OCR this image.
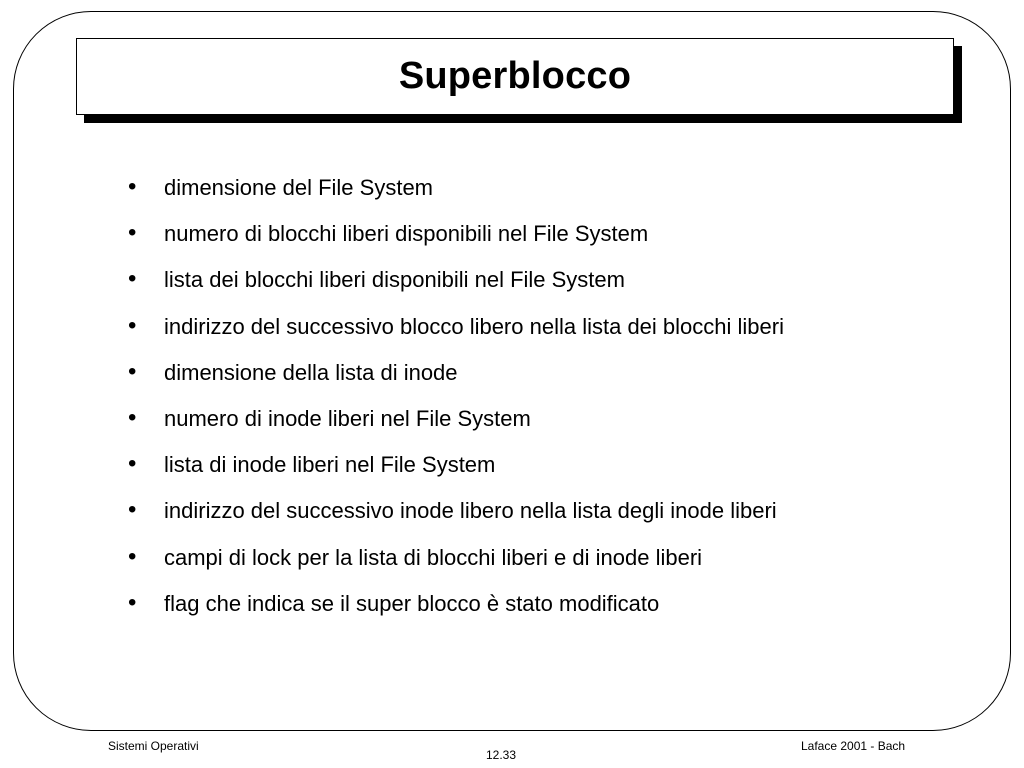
Superblocco
•	dimensione del File System
•	numero di blocchi liberi disponibili nel File System
•	lista dei blocchi liberi disponibili nel File System
•	indirizzo del successivo blocco libero nella lista dei blocchi liberi
•	dimensione della lista di inode
•	numero di inode liberi nel File System
•	lista di inode liberi nel File System
•	indirizzo del successivo inode libero nella lista degli inode liberi
•	campi di lock per la lista di blocchi liberi e di inode liberi
•	flag che indica se il super blocco è stato modificato
Sistemi Operativi
12.33
Laface 2001 - Bach
